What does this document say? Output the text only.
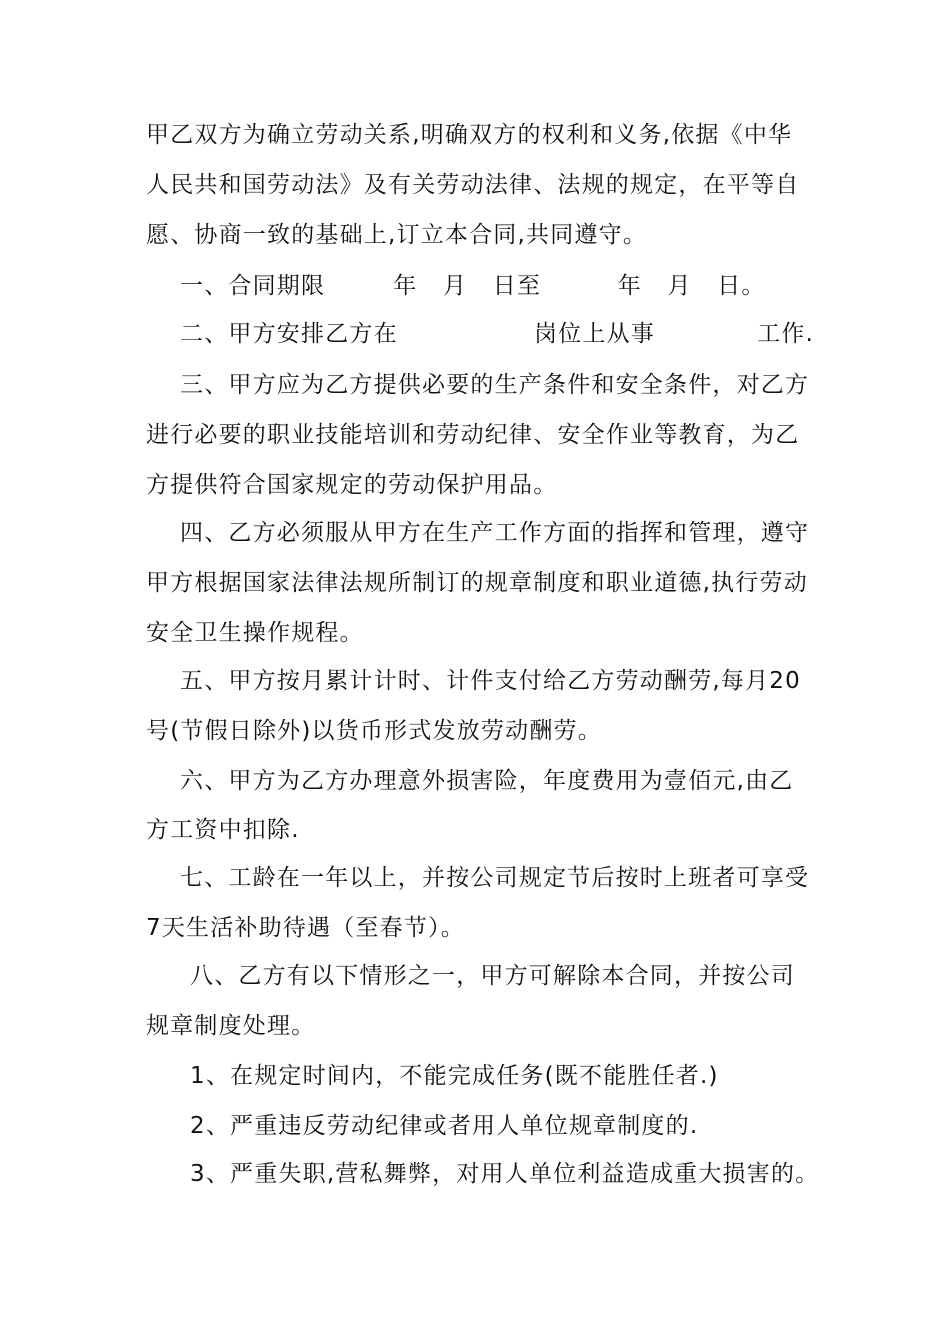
甲乙双方为确立劳动关系,明确双方的权利和义务,依据《中华
人民共和国劳动法》及有关劳动法律、法规的规定，在平等自
愿、协商一致的基础上,订立本合同,共同遵守。
一、合同期限        年   月   日至         年   月   日。
二、甲方安排乙方在                岗位上从事            工作.
三、甲方应为乙方提供必要的生产条件和安全条件，对乙方
进行必要的职业技能培训和劳动纪律、安全作业等教育，为乙
方提供符合国家规定的劳动保护用品。
四、乙方必须服从甲方在生产工作方面的指挥和管理，遵守
甲方根据国家法律法规所制订的规章制度和职业道德,执行劳动
安全卫生操作规程。
五、甲方按月累计计时、计件支付给乙方劳动酬劳,每月20
号(节假日除外)以货币形式发放劳动酬劳。
六、甲方为乙方办理意外损害险，年度费用为壹佰元,由乙
方工资中扣除.
七、工龄在一年以上，并按公司规定节后按时上班者可享受
7天生活补助待遇（至春节）。
八、乙方有以下情形之一，甲方可解除本合同，并按公司
规章制度处理。
1、在规定时间内，不能完成任务(既不能胜任者.)
2、严重违反劳动纪律或者用人单位规章制度的.
3、严重失职,营私舞弊，对用人单位利益造成重大损害的。
